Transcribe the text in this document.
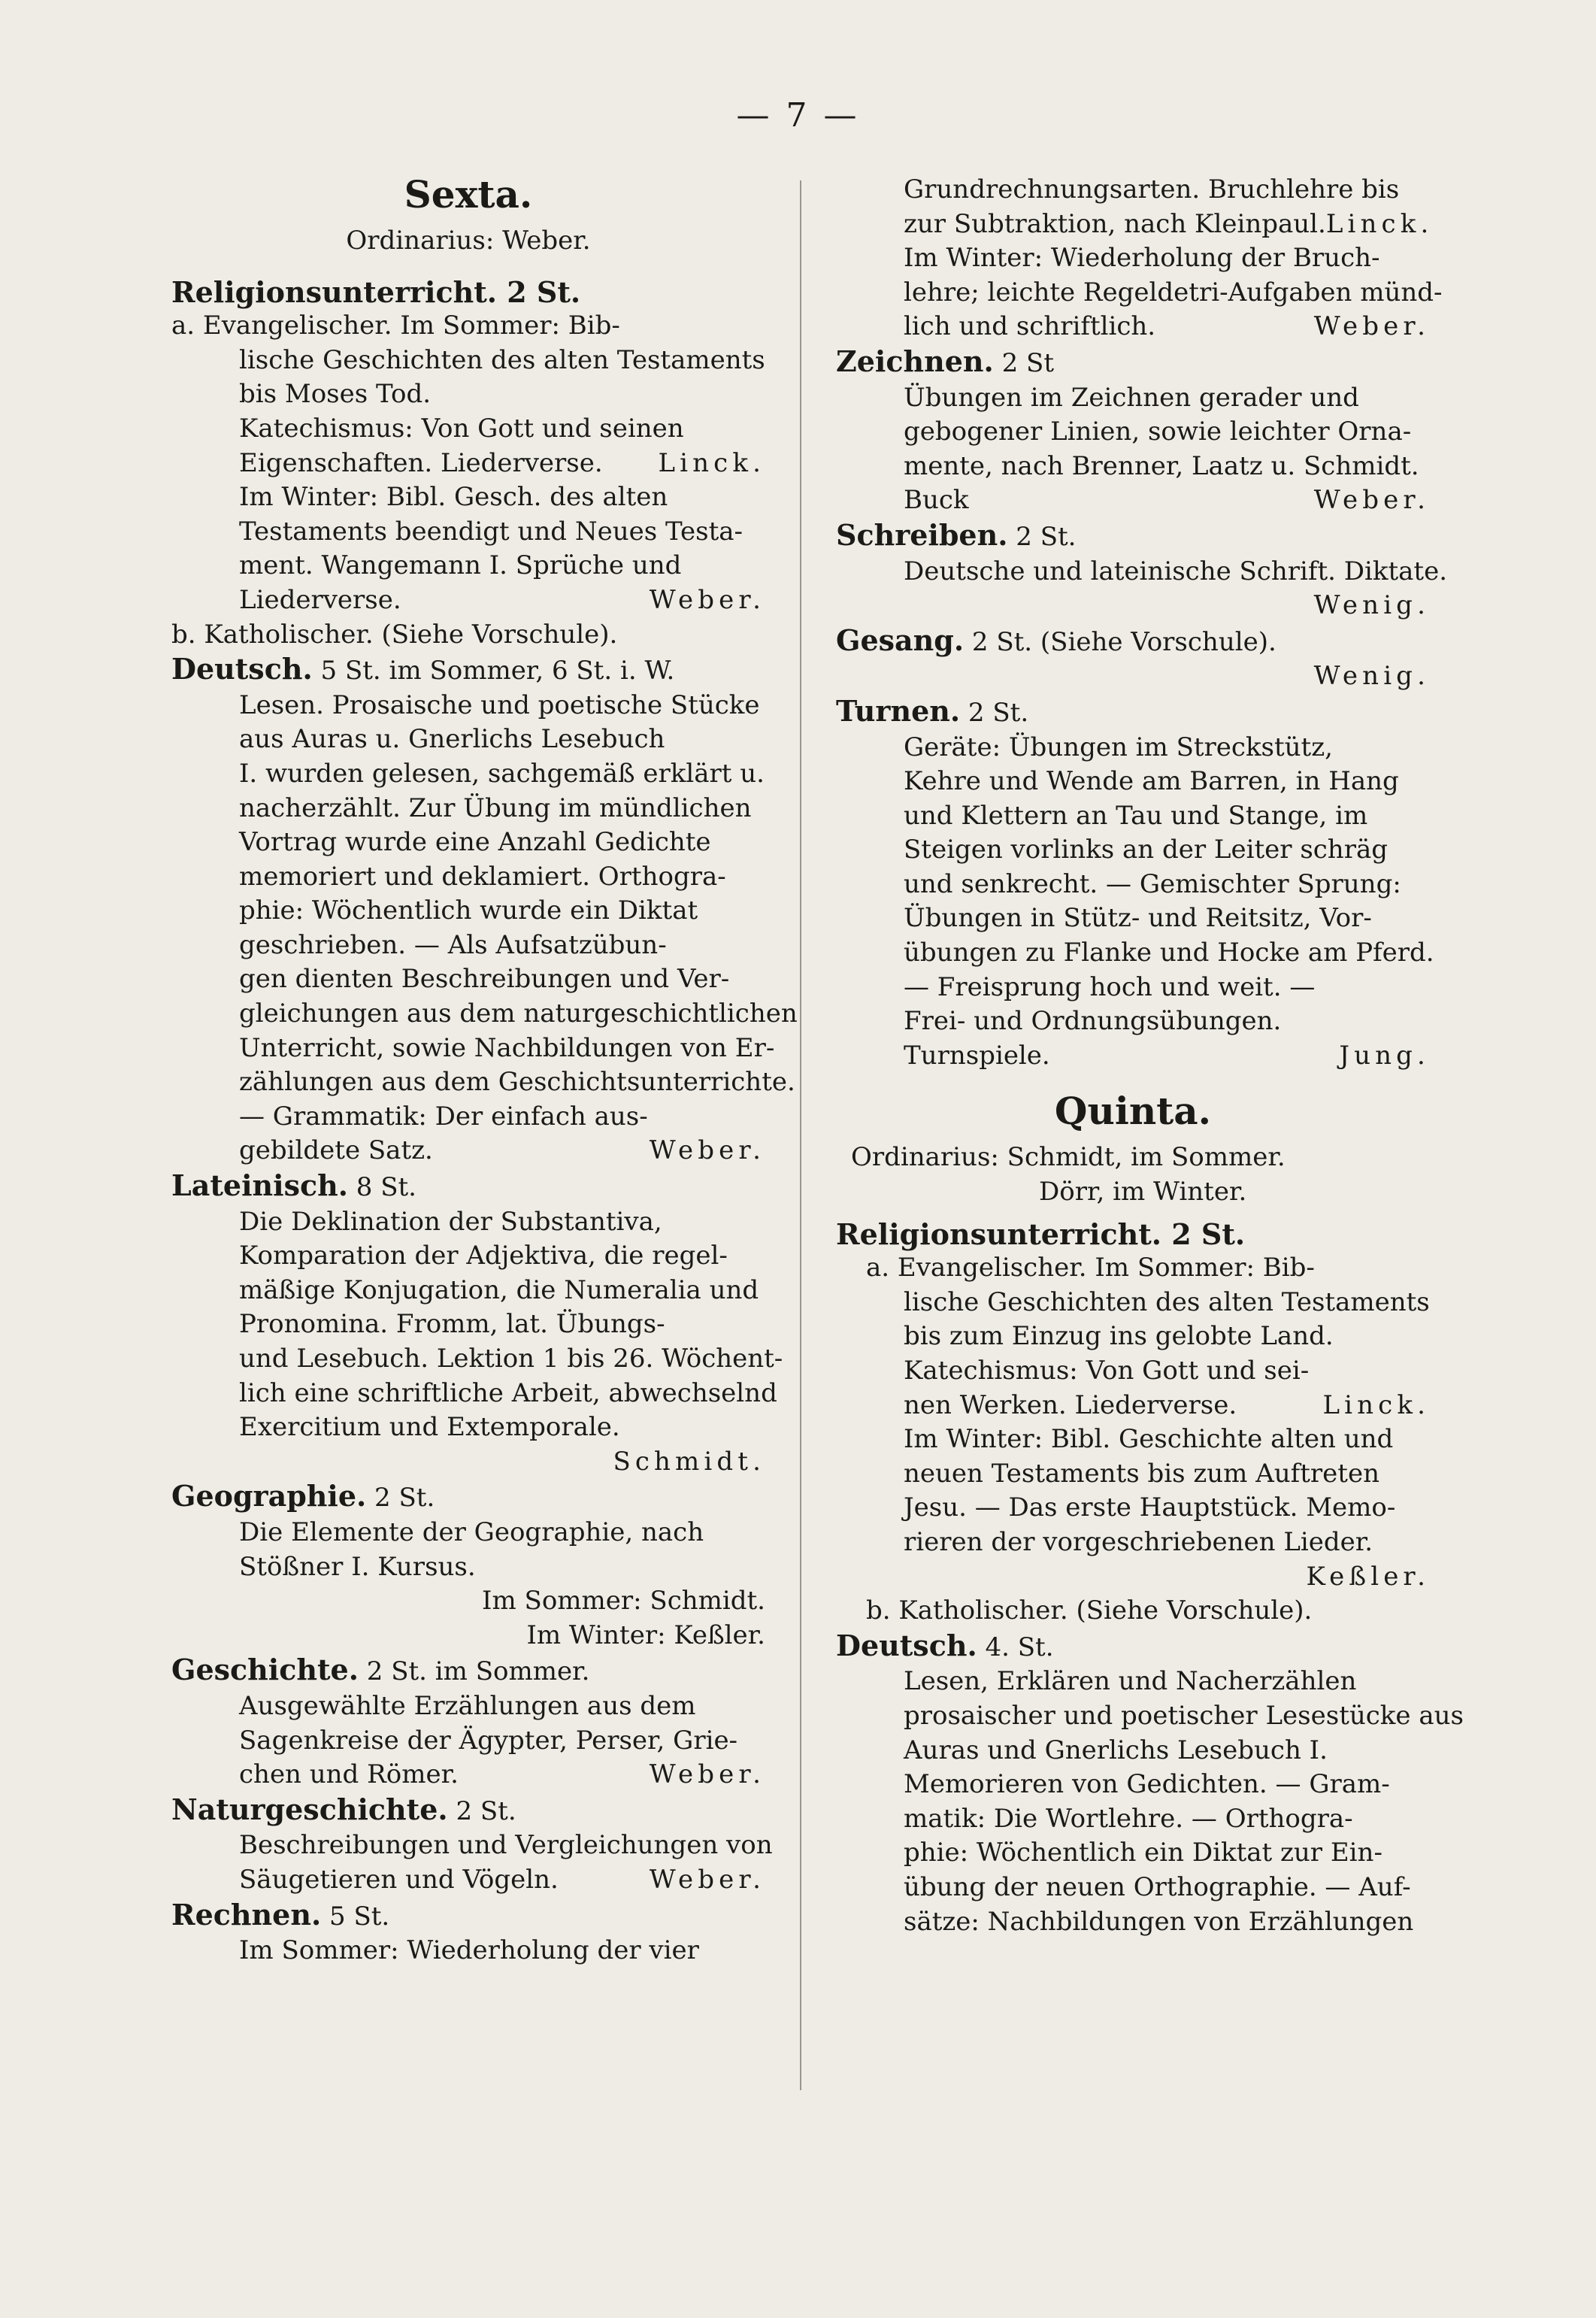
— 7 —
Sexta.
Ordinarius: Weber.
Religionsunterricht. 2 St.
a. Evangelischer. Im Sommer: Bib-
lische Geschichten des alten Testaments
bis Moses Tod.
Katechismus: Von Gott und seinen
Eigenschaften. Liederverse. Linck.
Im Winter: Bibl. Gesch. des alten
Testaments beendigt und Neues Testa-
ment. Wangemann I. Sprüche und
Liederverse.	Weber.
b. Katholischer. (Siehe Vorschule).
Deutsch. 5 St. im Sommer, 6 St. i. W.
Lesen. Prosaische und poetische Stücke
aus Auras u. Gnerlichs Lesebuch
I. wurden gelesen, sachgemäß erklärt u.
nacherzählt. Zur Übung im mündlichen
Vortrag wurde eine Anzahl Gedichte
memoriert und deklamiert. Orthogra-
phie: Wöchentlich wurde ein Diktat
geschrieben. — Als Aufsatzübun-
gen dienten Beschreibungen und Ver-
gleichungen aus dem naturgeschichtlichen
Unterricht, sowie Nachbildungen von Er-
zählungen aus dem Geschichtsunterrichte.
— Grammatik: Der einfach aus-
gebildete Satz.	Weber.
Lateinisch. 8 St.
Die Deklination der Substantiva,
Komparation der Adjektiva, die regel-
mäßige Konjugation, die Numeralia und
Pronomina. Fromm, lat. Übungs-
und Lesebuch. Lektion 1 bis 26. Wöchent-
lich eine schriftliche Arbeit, abwechselnd
Exercitium und Extemporale.
Schmidt.
Geographie. 2 St.
Die Elemente der Geographie, nach
Stößner I. Kursus.
Im Sommer: Schmidt.
Im Winter: Keßler.
Geschichte. 2 St. im Sommer.
Ausgewählte Erzählungen aus dem
Sagenkreise der Ägypter, Perser, Grie-
chen und Römer.	Weber.
Naturgeschichte. 2 St.
Beschreibungen und Vergleichungen von
Säugetieren und Vögeln.	Weber.
Rechnen. 5 St.
Im Sommer: Wiederholung der vier
Grundrechnungsarten. Bruchlehre bis
zur Subtraktion, nach Kleinpaul. Linck.
Im Winter: Wiederholung der Bruch-
lehre; leichte Regeldetri-Aufgaben münd-
lich und schriftlich.	Weber.
Zeichnen. 2 St
Übungen im Zeichnen gerader und
gebogener Linien, sowie leichter Orna-
mente, nach Brenner, Laatz u. Schmidt.
Buck	Weber.
Schreiben. 2 St.
Deutsche und lateinische Schrift. Diktate.
Wenig.
Gesang. 2 St. (Siehe Vorschule).
Wenig.
Turnen. 2 St.
Geräte: Übungen im Streckstütz,
Kehre und Wende am Barren, in Hang
und Klettern an Tau und Stange, im
Steigen vorlinks an der Leiter schräg
und senkrecht. — Gemischter Sprung:
Übungen in Stütz- und Reitsitz, Vor-
übungen zu Flanke und Hocke am Pferd.
— Freisprung hoch und weit. —
Frei- und Ordnungsübungen.
Turnspiele.	Jung.
Quinta.
Ordinarius: Schmidt, im Sommer.
Dörr, im Winter.
Religionsunterricht. 2 St.
a. Evangelischer. Im Sommer: Bib-
lische Geschichten des alten Testaments
bis zum Einzug ins gelobte Land.
Katechismus: Von Gott und sei-
nen Werken. Liederverse.	Linck.
Im Winter: Bibl. Geschichte alten und
neuen Testaments bis zum Auftreten
Jesu. — Das erste Hauptstück. Memo-
rieren der vorgeschriebenen Lieder.
Keßler.
b. Katholischer. (Siehe Vorschule).
Deutsch. 4. St.
Lesen, Erklären und Nacherzählen
prosaischer und poetischer Lesestücke aus
Auras und Gnerlichs Lesebuch I.
Memorieren von Gedichten. — Gram-
matik: Die Wortlehre. — Orthogra-
phie: Wöchentlich ein Diktat zur Ein-
übung der neuen Orthographie. — Auf-
sätze: Nachbildungen von Erzählungen
